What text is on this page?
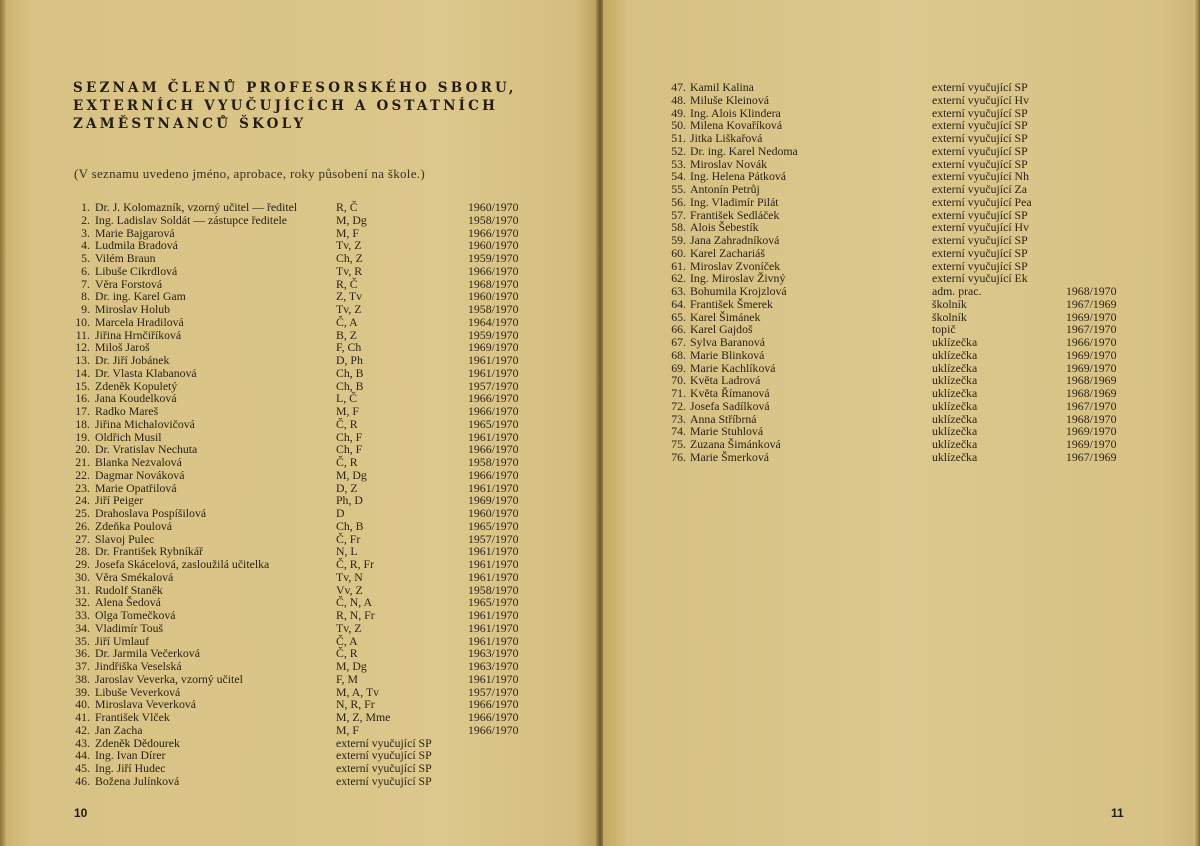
SEZNAM ČLENŮ PROFESORSKÉHO SBORU,
EXTERNÍCH VYUČUJÍCÍCH A OSTATNÍCH
ZAMĚSTNANCŮ ŠKOLY
(V seznamu uvedeno jméno, aprobace, roky působení na škole.)
1. Dr. J. Kolomazník, vzorný učitel — ředitel	R, Č	1960/1970
2. Ing. Ladislav Soldát — zástupce ředitele	M, Dg	1958/1970
3. Marie Bajgarová	M, F	1966/1970
4. Ludmila Bradová	Tv, Z	1960/1970
5. Vilém Braun	Ch, Z	1959/1970
6. Libuše Cikrdlová	Tv, R	1966/1970
7. Věra Forstová	R, Č	1968/1970
8. Dr. ing. Karel Gam	Z, Tv	1960/1970
9. Miroslav Holub	Tv, Z	1958/1970
10. Marcela Hradilová	Č, A	1964/1970
11. Jiřina Hrnčiříková	B, Z	1959/1970
12. Miloš Jaroš	F, Ch	1969/1970
13. Dr. Jiří Jobánek	D, Ph	1961/1970
14. Dr. Vlasta Klabanová	Ch, B	1961/1970
15. Zdeněk Kopuletý	Ch, B	1957/1970
16. Jana Koudelková	L, Č	1966/1970
17. Radko Mareš	M, F	1966/1970
18. Jiřina Michalovičová	Č, R	1965/1970
19. Oldřich Musil	Ch, F	1961/1970
20. Dr. Vratislav Nechuta	Ch, F	1966/1970
21. Blanka Nezvalová	Č, R	1958/1970
22. Dagmar Nováková	M, Dg	1966/1970
23. Marie Opatřilová	D, Z	1961/1970
24. Jiří Peiger	Ph, D	1969/1970
25. Drahoslava Pospíšilová	D	1960/1970
26. Zdeňka Poulová	Ch, B	1965/1970
27. Slavoj Pulec	Č, Fr	1957/1970
28. Dr. František Rybníkář	N, L	1961/1970
29. Josefa Skácelová, zasloužilá učitelka	Č, R, Fr	1961/1970
30. Věra Smékalová	Tv, N	1961/1970
31. Rudolf Staněk	Vv, Z	1958/1970
32. Alena Šedová	Č, N, A	1965/1970
33. Olga Tomečková	R, N, Fr	1961/1970
34. Vladimír Touš	Tv, Z	1961/1970
35. Jiří Umlauf	Č, A	1961/1970
36. Dr. Jarmila Večerková	Č, R	1963/1970
37. Jindřiška Veselská	M, Dg	1963/1970
38. Jaroslav Veverka, vzorný učitel	F, M	1961/1970
39. Libuše Veverková	M, A, Tv	1957/1970
40. Miroslava Veverková	N, R, Fr	1966/1970
41. František Vlček	M, Z, Mme	1966/1970
42. Jan Zacha	M, F	1966/1970
43. Zdeněk Dědourek	externí vyučující SP
44. Ing. Ivan Dírer	externí vyučující SP
45. Ing. Jiří Hudec	externí vyučující SP
46. Božena Julínková	externí vyučující SP
10
47. Kamil Kalina	externí vyučující SP
48. Miluše Kleinová	externí vyučující Hv
49. Ing. Alois Klindera	externí vyučující SP
50. Milena Kovaříková	externí vyučující SP
51. Jitka Liškařová	externí vyučující SP
52. Dr. ing. Karel Nedoma	externí vyučující SP
53. Miroslav Novák	externí vyučující SP
54. Ing. Helena Pátková	externí vyučující Nh
55. Antonín Petrůj	externí vyučující Za
56. Ing. Vladimír Pilát	externí vyučující Pea
57. František Sedláček	externí vyučující SP
58. Alois Šebestík	externí vyučující Hv
59. Jana Zahradníková	externí vyučující SP
60. Karel Zachariáš	externí vyučující SP
61. Miroslav Zvoníček	externí vyučující SP
62. Ing. Miroslav Živný	externí vyučující Ek
63. Bohumila Krojzlová	adm. prac.	1968/1970
64. František Šmerek	školník	1967/1969
65. Karel Šimánek	školník	1969/1970
66. Karel Gajdoš	topič	1967/1970
67. Sylva Baranová	uklízečka	1966/1970
68. Marie Blinková	uklízečka	1969/1970
69. Marie Kachlíková	uklízečka	1969/1970
70. Květa Ladrová	uklízečka	1968/1969
71. Květa Římanová	uklízečka	1968/1969
72. Josefa Sadílková	uklízečka	1967/1970
73. Anna Stříbrná	uklízečka	1968/1970
74. Marie Stuhlová	uklízečka	1969/1970
75. Zuzana Šimánková	uklízečka	1969/1970
76. Marie Šmerková	uklízečka	1967/1969
11
